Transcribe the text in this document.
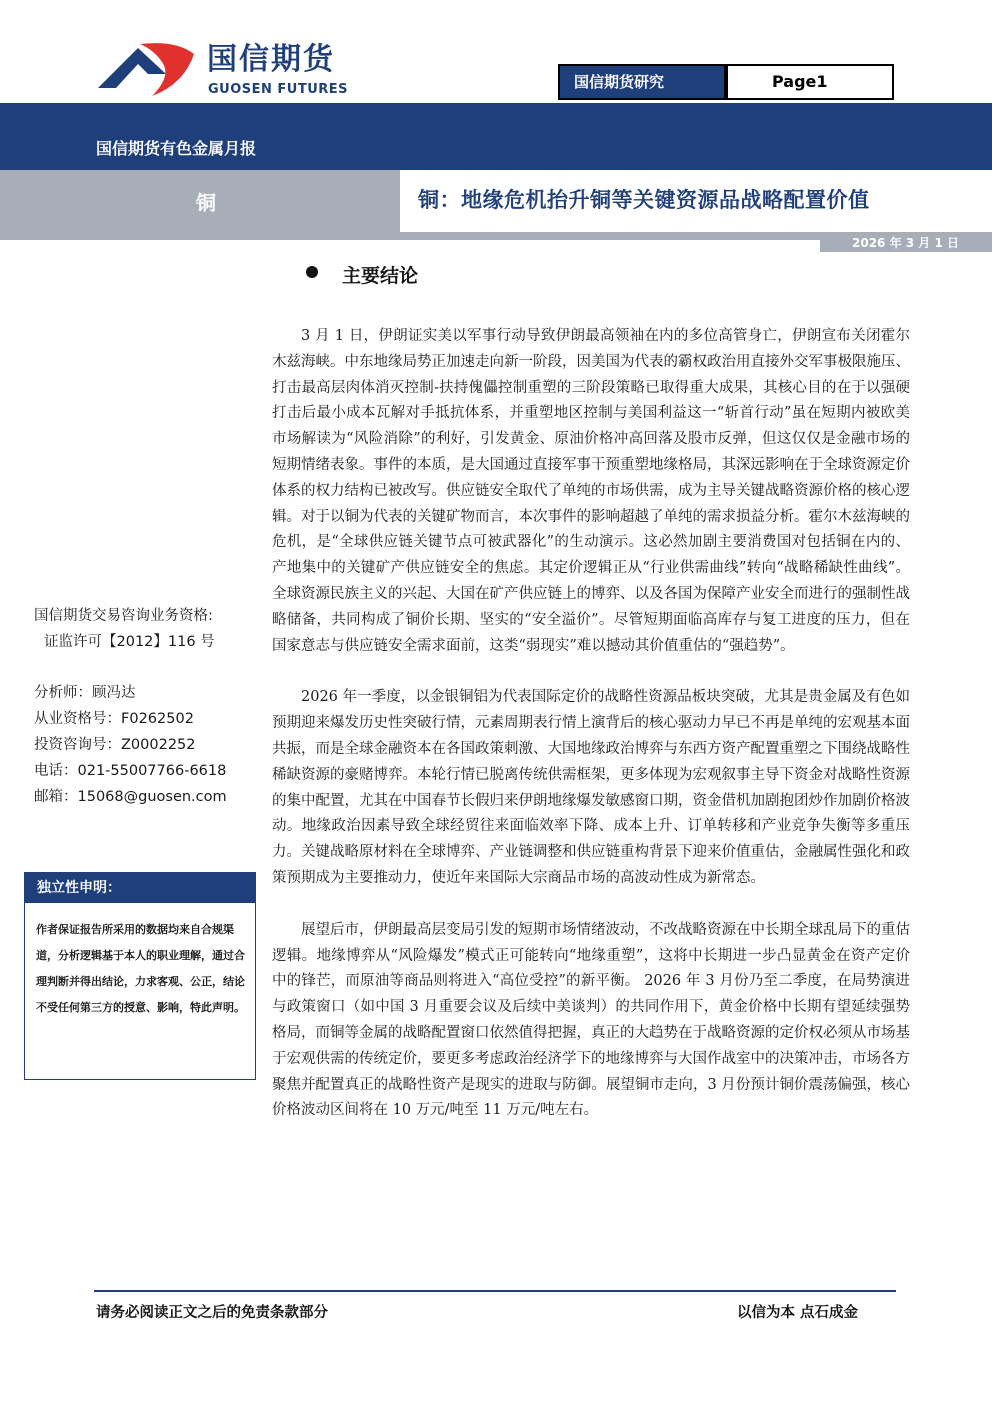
国信期货
GUOSEN FUTURES	国信期货研究	Page1
国信期货有色金属月报
铜	铜：地缘危机抬升铜等关键资源品战略配置价值
2026 年 3 月 1 日
主要结论

3 月 1 日，伊朗证实美以军事行动导致伊朗最高领袖在内的多位高管身亡，伊朗宣布关闭霍尔木兹海峡。中东地缘局势正加速走向新一阶段，因美国为代表的霸权政治用直接外交军事极限施压、打击最高层肉体消灭控制-扶持傀儡控制重塑的三阶段策略已取得重大成果，其核心目的在于以强硬打击后最小成本瓦解对手抵抗体系，并重塑地区控制与美国利益这一“斩首行动”虽在短期内被欧美市场解读为“风险消除”的利好，引发黄金、原油价格冲高回落及股市反弹，但这仅仅是金融市场的短期情绪表象。事件的本质，是大国通过直接军事干预重塑地缘格局，其深远影响在于全球资源定价体系的权力结构已被改写。供应链安全取代了单纯的市场供需，成为主导关键战略资源价格的核心逻辑。对于以铜为代表的关键矿物而言，本次事件的影响超越了单纯的需求损益分析。霍尔木兹海峡的危机，是“全球供应链关键节点可被武器化”的生动演示。这必然加剧主要消费国对包括铜在内的、产地集中的关键矿产供应链安全的焦虑。其定价逻辑正从“行业供需曲线”转向“战略稀缺性曲线”。全球资源民族主义的兴起、大国在矿产供应链上的博弈、以及各国为保障产业安全而进行的强制性战略储备，共同构成了铜价长期、坚实的“安全溢价”。尽管短期面临高库存与复工进度的压力，但在国家意志与供应链安全需求面前，这类“弱现实”难以撼动其价值重估的“强趋势”。

2026 年一季度，以金银铜铝为代表国际定价的战略性资源品板块突破，尤其是贵金属及有色如预期迎来爆发历史性突破行情，元素周期表行情上演背后的核心驱动力早已不再是单纯的宏观基本面共振，而是全球金融资本在各国政策刺激、大国地缘政治博弈与东西方资产配置重塑之下围绕战略性稀缺资源的豪赌博弈。本轮行情已脱离传统供需框架，更多体现为宏观叙事主导下资金对战略性资源的集中配置，尤其在中国春节长假归来伊朗地缘爆发敏感窗口期，资金借机加剧抱团炒作加剧价格波动。地缘政治因素导致全球经贸往来面临效率下降、成本上升、订单转移和产业竞争失衡等多重压力。关键战略原材料在全球博弈、产业链调整和供应链重构背景下迎来价值重估，金融属性强化和政策预期成为主要推动力，使近年来国际大宗商品市场的高波动性成为新常态。

展望后市，伊朗最高层变局引发的短期市场情绪波动，不改战略资源在中长期全球乱局下的重估逻辑。地缘博弈从“风险爆发”模式正可能转向“地缘重塑”，这将中长期进一步凸显黄金在资产定价中的锋芒，而原油等商品则将进入“高位受控”的新平衡。 2026 年 3 月份乃至二季度，在局势演进与政策窗口（如中国 3 月重要会议及后续中美谈判）的共同作用下，黄金价格中长期有望延续强势格局，而铜等金属的战略配置窗口依然值得把握，真正的大趋势在于战略资源的定价权必须从市场基于宏观供需的传统定价，要更多考虑政治经济学下的地缘博弈与大国作战室中的决策冲击，市场各方聚焦并配置真正的战略性资产是现实的进取与防御。展望铜市走向，3 月份预计铜价震荡偏强，核心价格波动区间将在 10 万元/吨至 11 万元/吨左右。

国信期货交易咨询业务资格:
证监许可【2012】116 号
分析师：顾冯达
从业资格号：F0262502
投资咨询号：Z0002252
电话：021-55007766-6618
邮箱：15068@guosen.com
独立性申明：
作者保证报告所采用的数据均来自合规渠道，分析逻辑基于本人的职业理解，通过合理判断并得出结论，力求客观、公正，结论不受任何第三方的授意、影响，特此声明。
请务必阅读正文之后的免责条款部分	以信为本 点石成金
